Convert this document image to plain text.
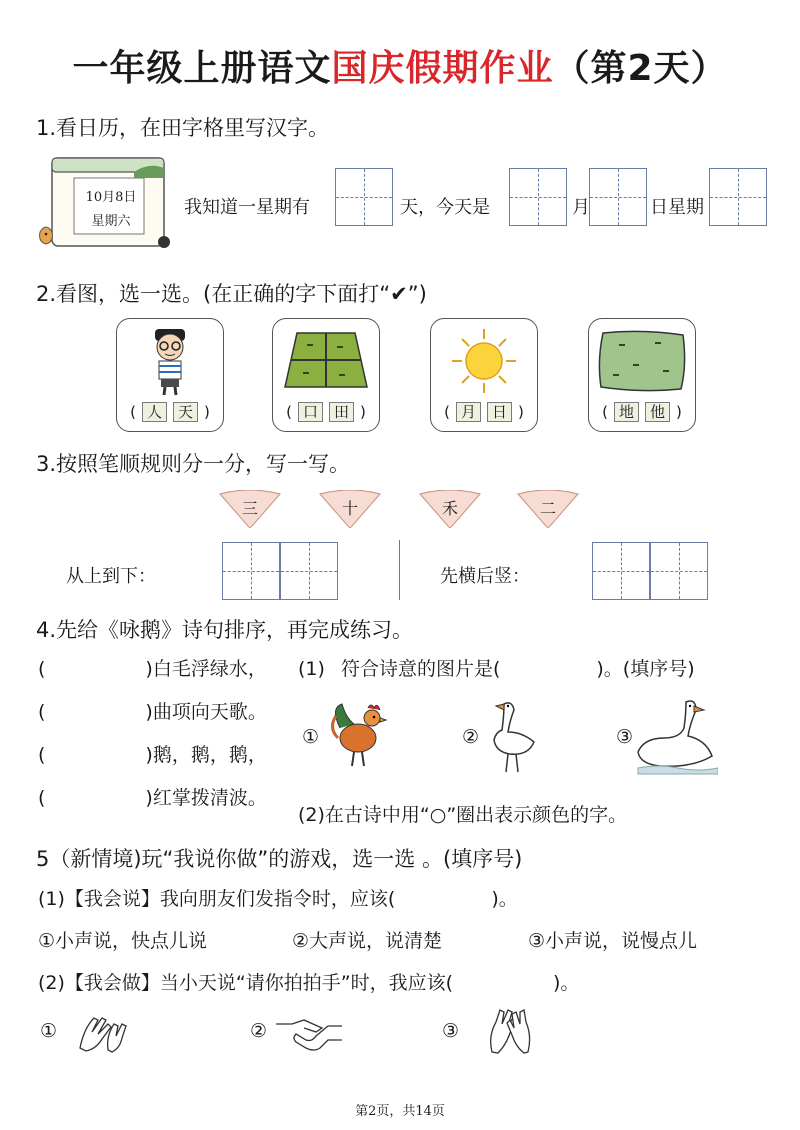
一年级上册语文国庆假期作业（第2天）
1.看日历，在田字格里写汉字。
10月8日
星期六
我知道一星期有	天，今天是	月	日星期
2.看图，选一选。(在正确的字下面打“✔”)
( 人	天 )	( 口	田 )	( 月	日 )	( 地	他 )
3.按照笔顺规则分一分，写一写。
三	十	禾	二
从上到下：	先横后竖：
4.先给《咏鹅》诗句排序，再完成练习。
(	)白毛浮绿水，
(	)曲项向天歌。
(	)鹅，鹅，鹅，
(	)红掌拨清波。
(1) 符合诗意的图片是(	)。(填序号)
①	②	③
(2)在古诗中用“○”圈出表示颜色的字。
5（新情境)玩“我说你做”的游戏，选一选 。(填序号)
(1)【我会说】我向朋友们发指令时，应该(	)。
①小声说，快点儿说	②大声说，说清楚	③小声说，说慢点儿
(2)【我会做】当小天说“请你拍拍手”时，我应该(	)。
①	②	③
第2页，共14页
